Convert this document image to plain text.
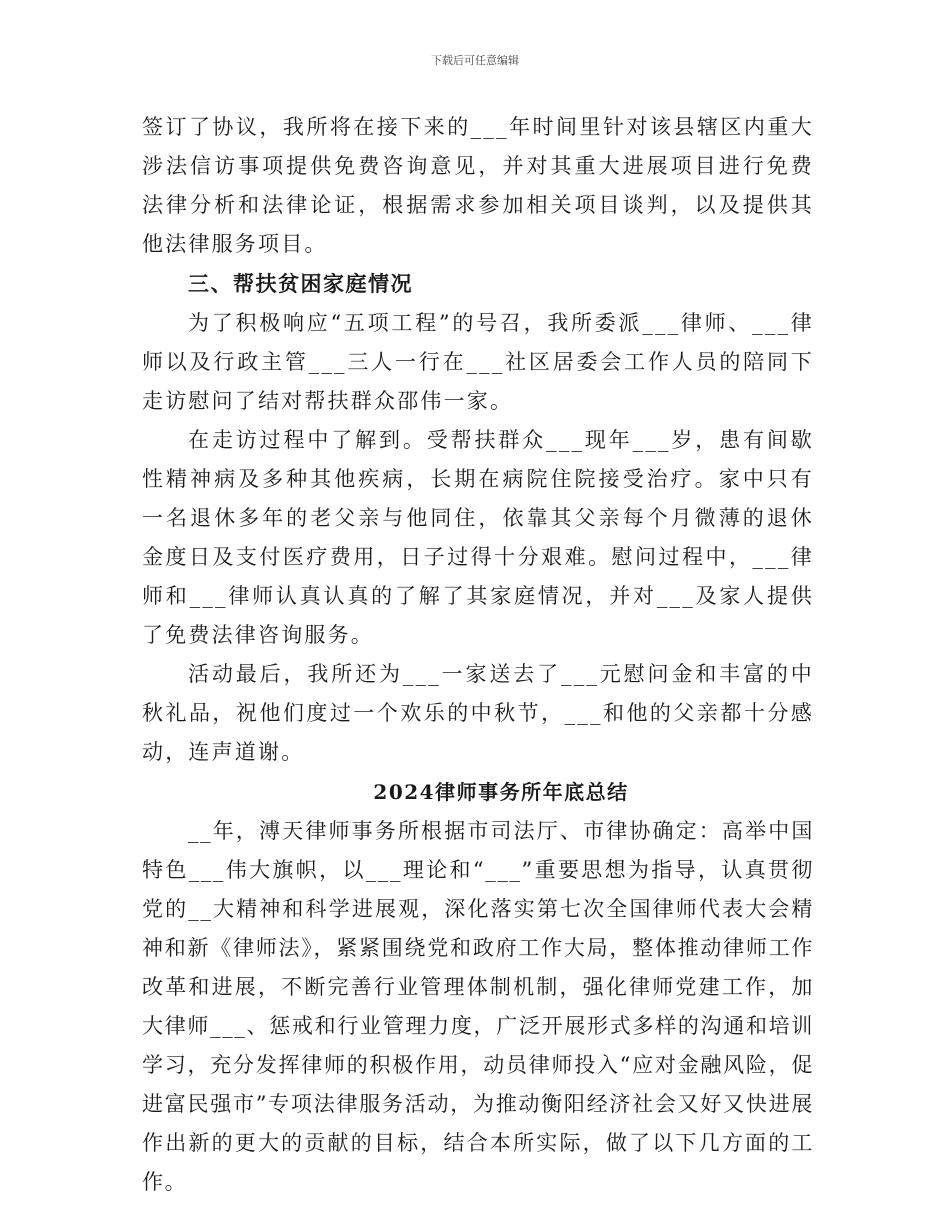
下载后可任意编辑

签订了协议，我所将在接下来的___年时间里针对该县辖区内重大涉法信访事项提供免费咨询意见，并对其重大进展项目进行免费法律分析和法律论证，根据需求参加相关项目谈判，以及提供其他法律服务项目。

三、帮扶贫困家庭情况

为了积极响应“五项工程”的号召，我所委派___律师、___律师以及行政主管___三人一行在___社区居委会工作人员的陪同下走访慰问了结对帮扶群众邵伟一家。

在走访过程中了解到。受帮扶群众___现年___岁，患有间歇性精神病及多种其他疾病，长期在病院住院接受治疗。家中只有一名退休多年的老父亲与他同住，依靠其父亲每个月微薄的退休金度日及支付医疗费用，日子过得十分艰难。慰问过程中，___律师和___律师认真认真的了解了其家庭情况，并对___及家人提供了免费法律咨询服务。

活动最后，我所还为___一家送去了___元慰问金和丰富的中秋礼品，祝他们度过一个欢乐的中秋节，___和他的父亲都十分感动，连声道谢。

2024律师事务所年底总结

__年，溥天律师事务所根据市司法厅、市律协确定：高举中国特色___伟大旗帜，以___理论和“___”重要思想为指导，认真贯彻党的__大精神和科学进展观，深化落实第七次全国律师代表大会精神和新《律师法》，紧紧围绕党和政府工作大局，整体推动律师工作改革和进展，不断完善行业管理体制机制，强化律师党建工作，加大律师___、惩戒和行业管理力度，广泛开展形式多样的沟通和培训学习，充分发挥律师的积极作用，动员律师投入“应对金融风险，促进富民强市”专项法律服务活动，为推动衡阳经济社会又好又快进展作出新的更大的贡献的目标，结合本所实际，做了以下几方面的工作。
